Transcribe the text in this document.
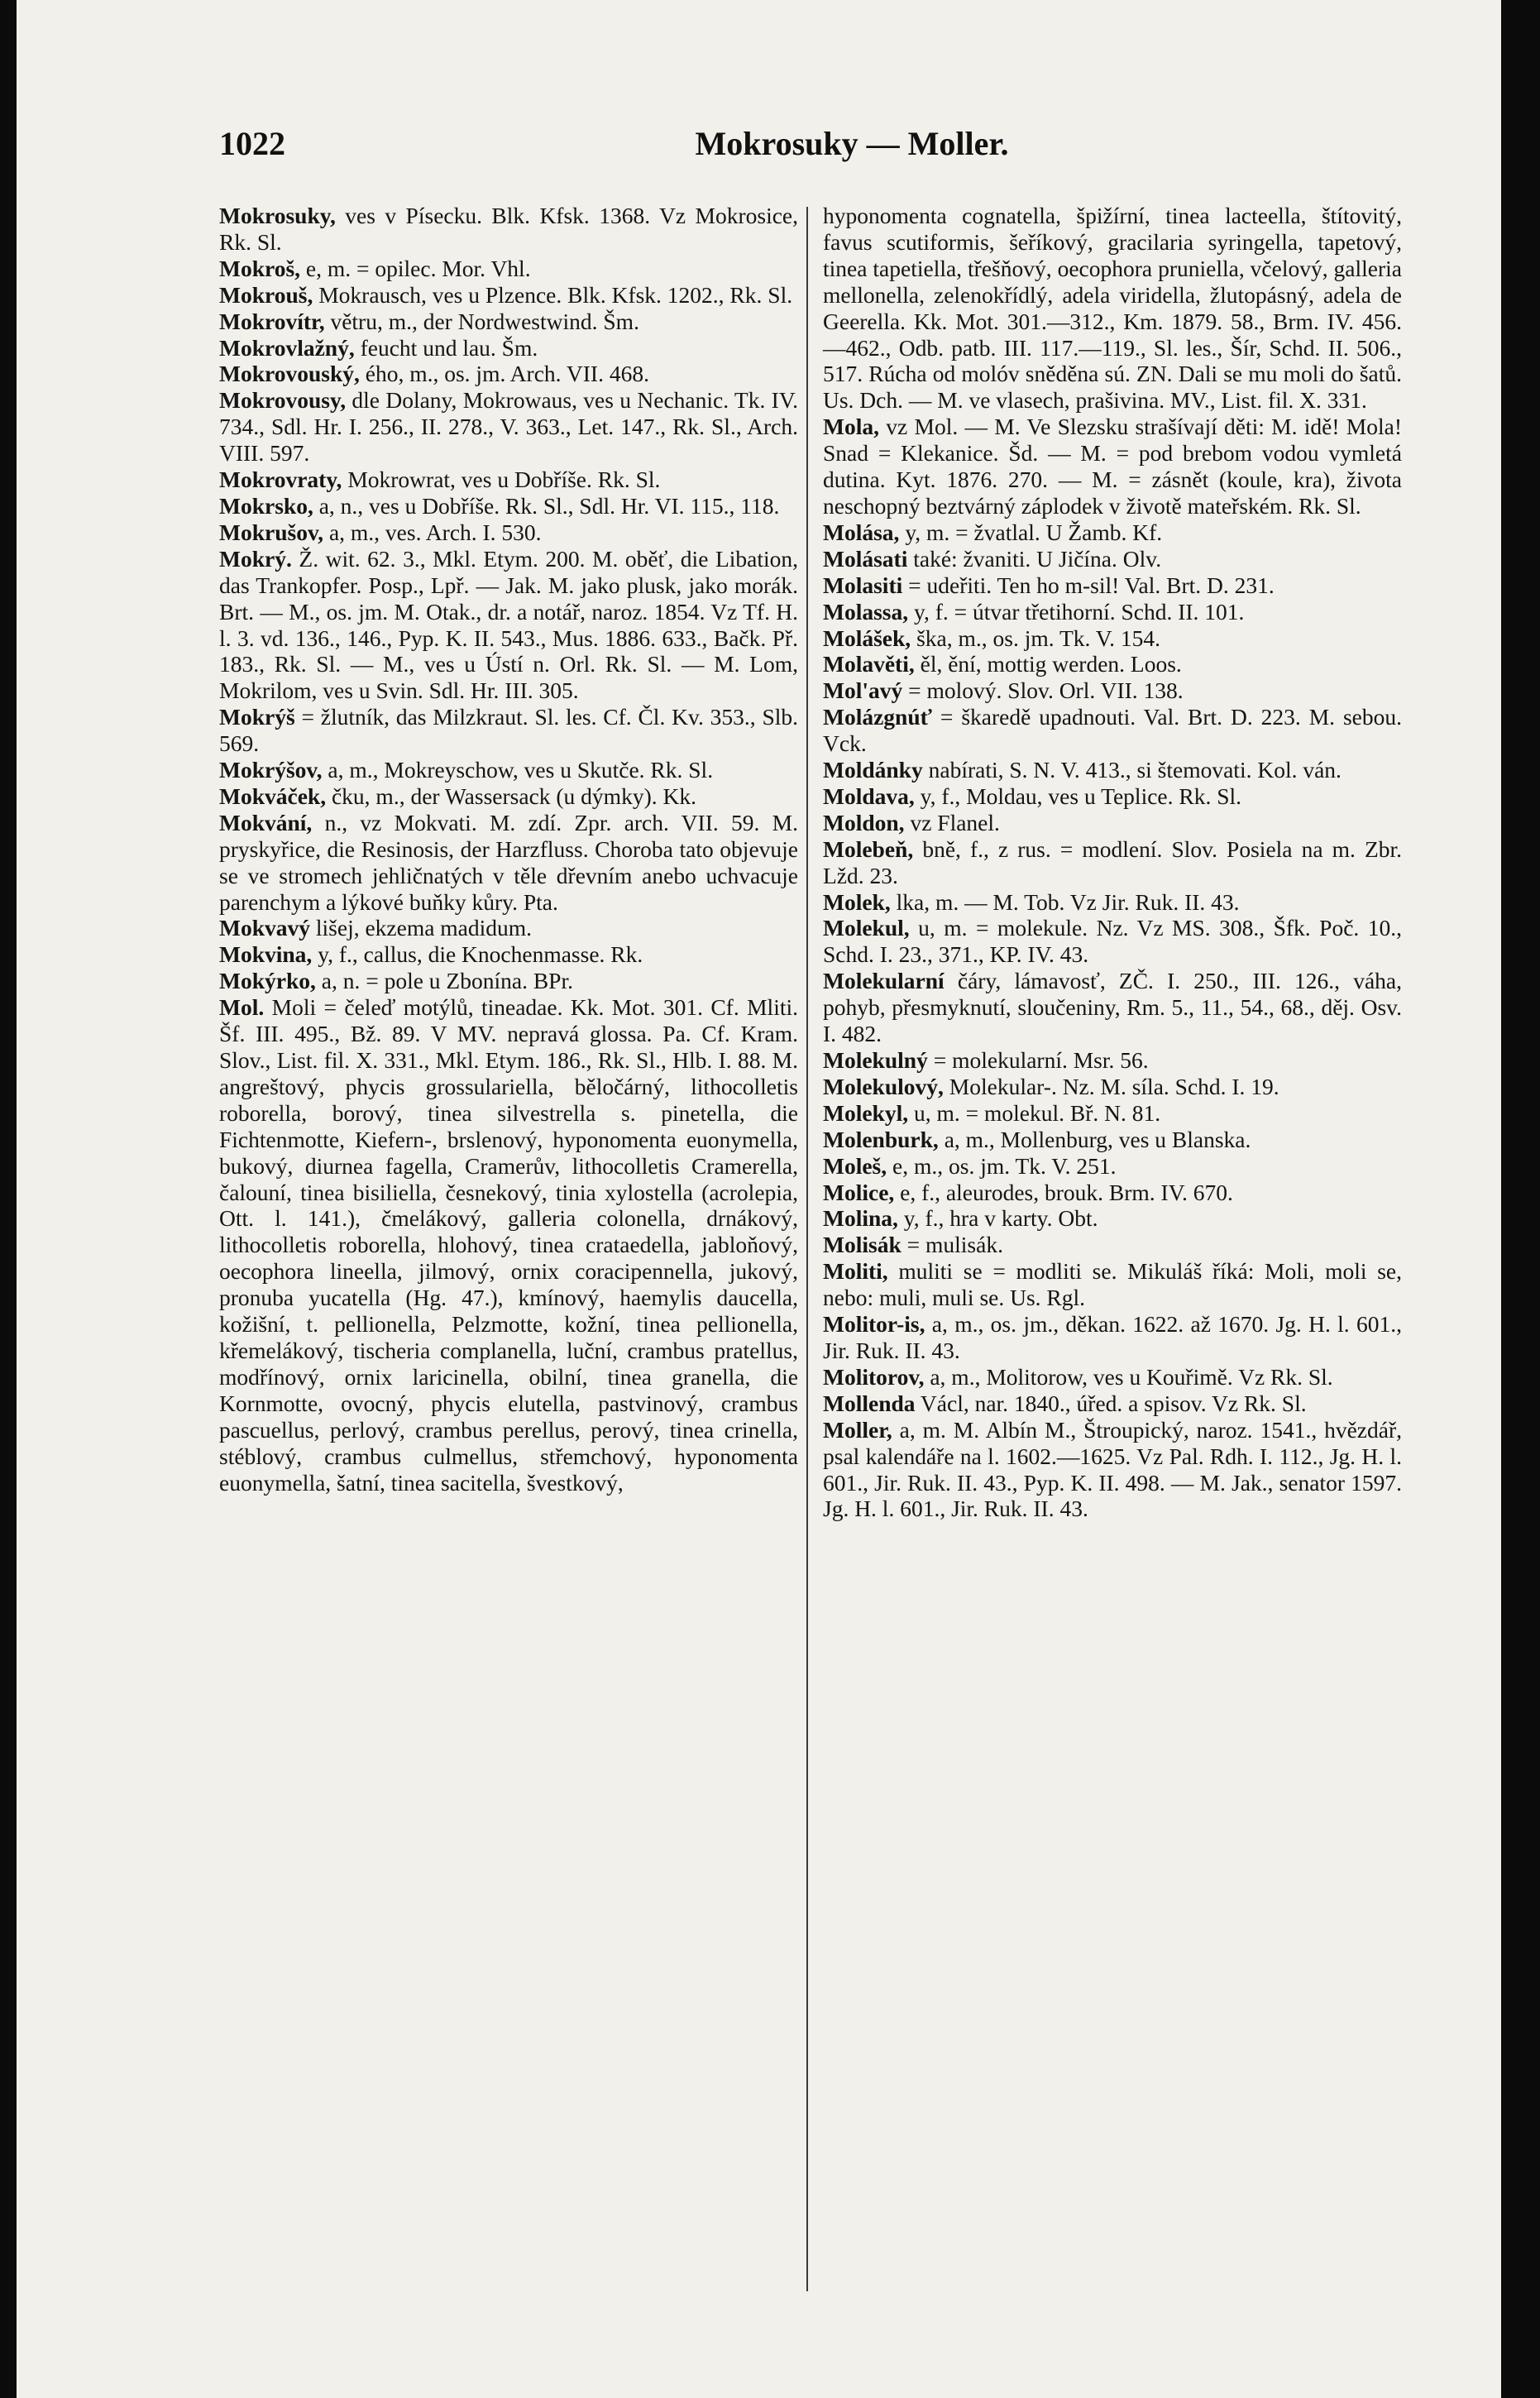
1022	Mokrosuky — Moller.

Mokrosuky, ves v Písecku. Blk. Kfsk. 1368. Vz Mokrosice, Rk. Sl.

Mokroš, e, m. = opilec. Mor. Vhl.

Mokrouš, Mokrausch, ves u Plzence. Blk. Kfsk. 1202., Rk. Sl.

Mokrovítr, větru, m., der Nordwestwind. Šm.

Mokrovlažný, feucht und lau. Šm.

Mokrovouský, ého, m., os. jm. Arch. VII. 468.

Mokrovousy, dle Dolany, Mokrowaus, ves u Nechanic. Tk. IV. 734., Sdl. Hr. I. 256., II. 278., V. 363., Let. 147., Rk. Sl., Arch. VIII. 597.

Mokrovraty, Mokrowrat, ves u Dobříše. Rk. Sl.

Mokrsko, a, n., ves u Dobříše. Rk. Sl., Sdl. Hr. VI. 115., 118.

Mokrušov, a, m., ves. Arch. I. 530.

Mokrý. Ž. wit. 62. 3., Mkl. Etym. 200. M. oběť, die Libation, das Trankopfer. Posp., Lpř. — Jak. M. jako plusk, jako morák. Brt. — M., os. jm. M. Otak., dr. a notář, naroz. 1854. Vz Tf. H. l. 3. vd. 136., 146., Pyp. K. II. 543., Mus. 1886. 633., Bačk. Př. 183., Rk. Sl. — M., ves u Ústí n. Orl. Rk. Sl. — M. Lom, Mokrilom, ves u Svin. Sdl. Hr. III. 305.

Mokrýš = žlutník, das Milzkraut. Sl. les. Cf. Čl. Kv. 353., Slb. 569.

Mokrýšov, a, m., Mokreyschow, ves u Skutče. Rk. Sl.

Mokváček, čku, m., der Wassersack (u dýmky). Kk.

Mokvání, n., vz Mokvati. M. zdí. Zpr. arch. VII. 59. M. pryskyřice, die Resinosis, der Harzfluss. Choroba tato objevuje se ve stromech jehličnatých v těle dřevním anebo uchvacuje parenchym a lýkové buňky kůry. Pta.

Mokvavý lišej, ekzema madidum.

Mokvina, y, f., callus, die Knochenmasse. Rk.

Mokýrko, a, n. = pole u Zbonína. BPr.

Mol. Moli = čeleď motýlů, tineadae. Kk. Mot. 301. Cf. Mliti. Šf. III. 495., Bž. 89. V MV. nepravá glossa. Pa. Cf. Kram. Slov., List. fil. X. 331., Mkl. Etym. 186., Rk. Sl., Hlb. I. 88. M. angreštový, phycis grossulariella, běločárný, lithocolletis roborella, borový, tinea silvestrella s. pinetella, die Fichtenmotte, Kiefern-, brslenový, hyponomenta euonymella, bukový, diurnea fagella, Cramerův, lithocolletis Cramerella, čalouní, tinea bisiliella, česnekový, tinia xylostella (acrolepia, Ott. l. 141.), čmelákový, galleria colonella, drnákový, lithocolletis roborella, hlohový, tinea crataedella, jabloňový, oecophora lineella, jilmový, ornix coracipennella, jukový, pronuba yucatella (Hg. 47.), kmínový, haemylis daucella, kožišní, t. pellionella, Pelzmotte, kožní, tinea pellionella, křemelákový, tischeria complanella, luční, crambus pratellus, modřínový, ornix laricinella, obilní, tinea granella, die Kornmotte, ovocný, phycis elutella, pastvinový, crambus pascuellus, perlový, crambus perellus, perový, tinea crinella, stéblový, crambus culmellus, střemchový, hyponomenta euonymella, šatní, tinea sacitella, švestkový,

hyponomenta cognatella, špižírní, tinea lacteella, štítovitý, favus scutiformis, šeříkový, gracilaria syringella, tapetový, tinea tapetiella, třešňový, oecophora pruniella, včelový, galleria mellonella, zelenokřídlý, adela viridella, žlutopásný, adela de Geerella. Kk. Mot. 301.—312., Km. 1879. 58., Brm. IV. 456.—462., Odb. patb. III. 117.—119., Sl. les., Šír, Schd. II. 506., 517. Rúcha od molóv sněděna sú. ZN. Dali se mu moli do šatů. Us. Dch. — M. ve vlasech, prašivina. MV., List. fil. X. 331.

Mola, vz Mol. — M. Ve Slezsku strašívají děti: M. idě! Mola! Snad = Klekanice. Šd. — M. = pod brebom vodou vymletá dutina. Kyt. 1876. 270. — M. = zásnět (koule, kra), života neschopný beztvárný záplodek v životě mateřském. Rk. Sl.

Molása, y, m. = žvatlal. U Žamb. Kf.

Molásati také: žvaniti. U Jičína. Olv.

Molasiti = udeřiti. Ten ho m-sil! Val. Brt. D. 231.

Molassa, y, f. = útvar třetihorní. Schd. II. 101.

Molášek, ška, m., os. jm. Tk. V. 154.

Molavěti, ěl, ění, mottig werden. Loos.

Mol'avý = molový. Slov. Orl. VII. 138.

Molázgnúť = škaredě upadnouti. Val. Brt. D. 223. M. sebou. Vck.

Moldánky nabírati, S. N. V. 413., si štemovati. Kol. ván.

Moldava, y, f., Moldau, ves u Teplice. Rk. Sl.

Moldon, vz Flanel.

Molebeň, bně, f., z rus. = modlení. Slov. Posiela na m. Zbr. Lžd. 23.

Molek, lka, m. — M. Tob. Vz Jir. Ruk. II. 43.

Molekul, u, m. = molekule. Nz. Vz MS. 308., Šfk. Poč. 10., Schd. I. 23., 371., KP. IV. 43.

Molekularní čáry, lámavosť, ZČ. I. 250., III. 126., váha, pohyb, přesmyknutí, sloučeniny, Rm. 5., 11., 54., 68., děj. Osv. I. 482.

Molekulný = molekularní. Msr. 56.

Molekulový, Molekular-. Nz. M. síla. Schd. I. 19.

Molekyl, u, m. = molekul. Bř. N. 81.

Molenburk, a, m., Mollenburg, ves u Blanska.

Moleš, e, m., os. jm. Tk. V. 251.

Molice, e, f., aleurodes, brouk. Brm. IV. 670.

Molina, y, f., hra v karty. Obt.

Molisák = mulisák.

Moliti, muliti se = modliti se. Mikuláš říká: Moli, moli se, nebo: muli, muli se. Us. Rgl.

Molitor-is, a, m., os. jm., děkan. 1622. až 1670. Jg. H. l. 601., Jir. Ruk. II. 43.

Molitorov, a, m., Molitorow, ves u Kouřimě. Vz Rk. Sl.

Mollenda Václ, nar. 1840., úřed. a spisov. Vz Rk. Sl.

Moller, a, m. M. Albín M., Štroupický, naroz. 1541., hvězdář, psal kalendáře na l. 1602.—1625. Vz Pal. Rdh. I. 112., Jg. H. l. 601., Jir. Ruk. II. 43., Pyp. K. II. 498. — M. Jak., senator 1597. Jg. H. l. 601., Jir. Ruk. II. 43.
